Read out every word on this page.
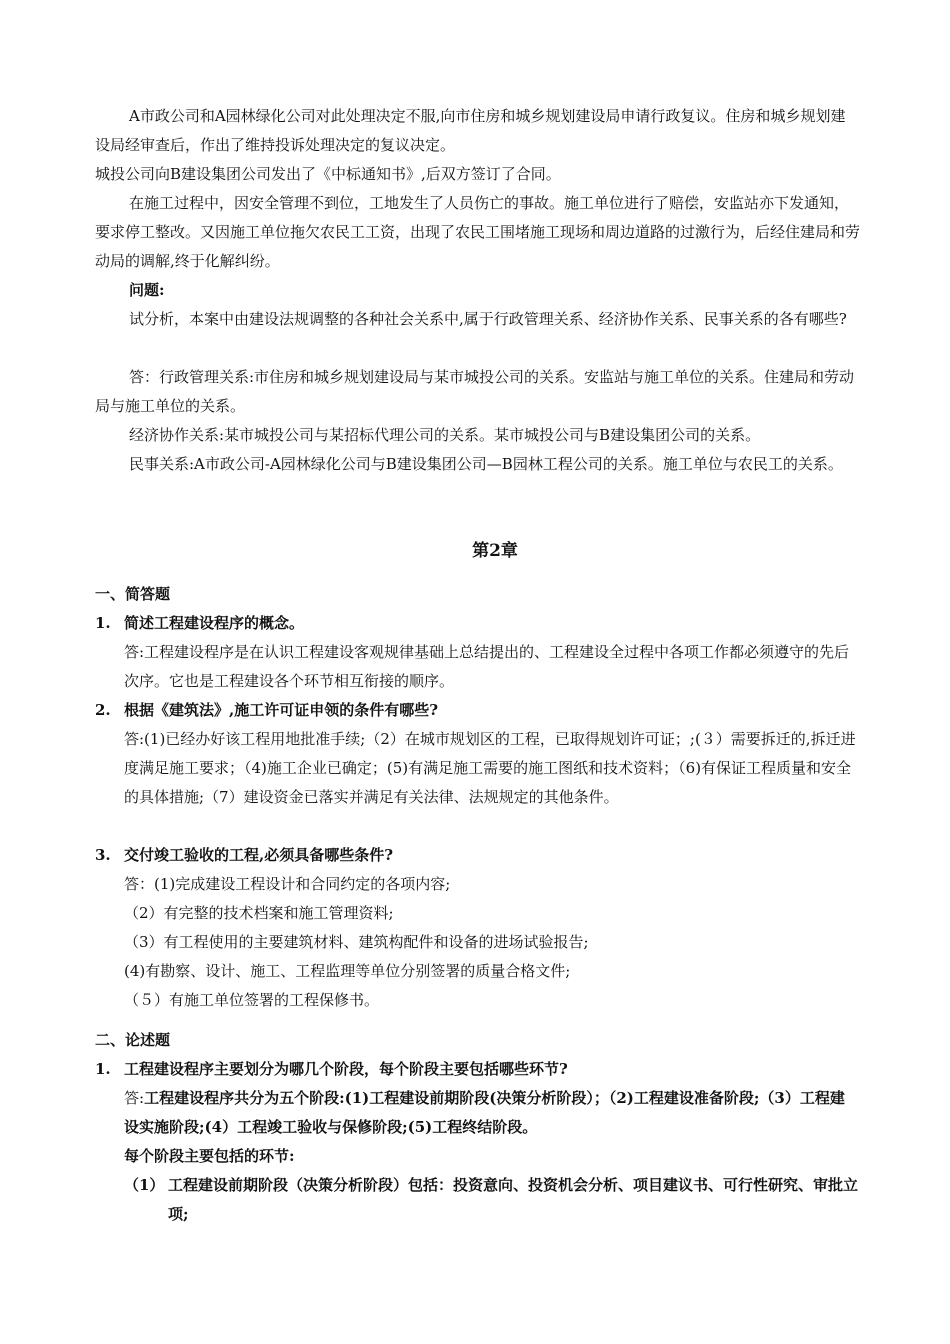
A市政公司和A园林绿化公司对此处理决定不服,向市住房和城乡规划建设局申请行政复议。住房和城乡规划建设局经审查后，作出了维持投诉处理决定的复议决定。

城投公司向B建设集团公司发出了《中标通知书》,后双方签订了合同。

在施工过程中，因安全管理不到位，工地发生了人员伤亡的事故。施工单位进行了赔偿，安监站亦下发通知，要求停工整改。又因施工单位拖欠农民工工资，出现了农民工围堵施工现场和周边道路的过激行为，后经住建局和劳动局的调解,终于化解纠纷。

问题:

试分析，本案中由建设法规调整的各种社会关系中,属于行政管理关系、经济协作关系、民事关系的各有哪些?

答：行政管理关系:市住房和城乡规划建设局与某市城投公司的关系。安监站与施工单位的关系。住建局和劳动局与施工单位的关系。

经济协作关系:某市城投公司与某招标代理公司的关系。某市城投公司与B建设集团公司的关系。

民事关系:A市政公司-A园林绿化公司与B建设集团公司—B园林工程公司的关系。施工单位与农民工的关系。

第2章

一、简答题

1. 简述工程建设程序的概念。

答:工程建设程序是在认识工程建设客观规律基础上总结提出的、工程建设全过程中各项工作都必须遵守的先后次序。它也是工程建设各个环节相互衔接的顺序。

2. 根据《建筑法》,施工许可证申领的条件有哪些?

答:(1)已经办好该工程用地批准手续;（2）在城市规划区的工程，已取得规划许可证；;(３）需要拆迁的,拆迁进度满足施工要求；（4)施工企业已确定；(5)有满足施工需要的施工图纸和技术资料；（6)有保证工程质量和安全的具体措施;（7）建设资金已落实并满足有关法律、法规规定的其他条件。

3. 交付竣工验收的工程,必须具备哪些条件?

答：(1)完成建设工程设计和合同约定的各项内容;

（2）有完整的技术档案和施工管理资料;

（3）有工程使用的主要建筑材料、建筑构配件和设备的进场试验报告;

(4)有勘察、设计、施工、工程监理等单位分别签署的质量合格文件;

（５）有施工单位签署的工程保修书。

二、论述题

1. 工程建设程序主要划分为哪几个阶段，每个阶段主要包括哪些环节?

答:工程建设程序共分为五个阶段:(1)工程建设前期阶段(决策分析阶段）；（2)工程建设准备阶段;（3）工程建设实施阶段;(4）工程竣工验收与保修阶段;(5)工程终结阶段。

每个阶段主要包括的环节:

（1） 工程建设前期阶段（决策分析阶段）包括：投资意向、投资机会分析、项目建议书、可行性研究、审批立项;
